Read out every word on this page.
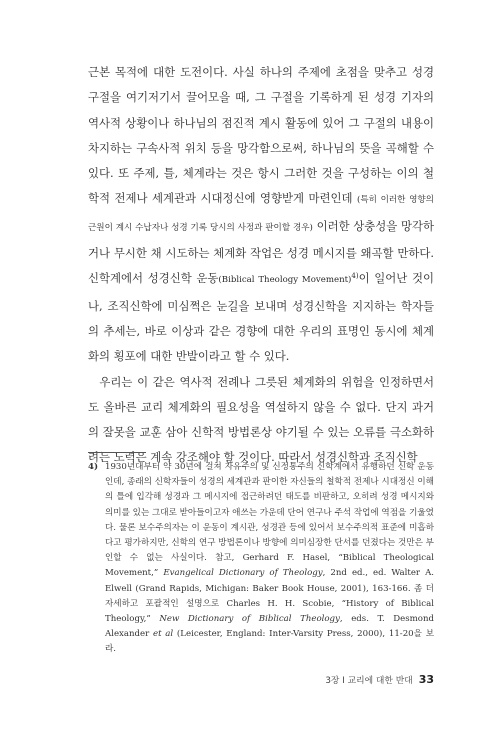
근본 목적에 대한 도전이다. 사실 하나의 주제에 초점을 맞추고 성경 구절을 여기저기서 끌어모을 때, 그 구절을 기록하게 된 성경 기자의 역사적 상황이나 하나님의 점진적 계시 활동에 있어 그 구절의 내용이 차지하는 구속사적 위치 등을 망각함으로써, 하나님의 뜻을 곡해할 수 있다. 또 주제, 틀, 체계라는 것은 항시 그러한 것을 구성하는 이의 철학적 전제나 세계관과 시대정신에 영향받게 마련인데 (특히 이러한 영향의 근원이 계시 수납자나 성경 기록 당시의 사정과 판이할 경우) 이러한 상충성을 망각하거나 무시한 채 시도하는 체계화 작업은 성경 메시지를 왜곡할 만하다. 신학계에서 성경신학 운동(Biblical Theology Movement)$^{4)}$이 일어난 것이나, 조직신학에 미심쩍은 눈길을 보내며 성경신학을 지지하는 학자들의 추세는, 바로 이상과 같은 경향에 대한 우리의 표명인 동시에 체계화의 횡포에 대한 반발이라고 할 수 있다.

우리는 이 같은 역사적 전례나 그릇된 체계화의 위험을 인정하면서도 올바른 교리 체계화의 필요성을 역설하지 않을 수 없다. 단지 과거의 잘못을 교훈 삼아 신학적 방법론상 야기될 수 있는 오류를 극소화하려는 노력은 계속 강조해야 할 것이다. 따라서 성경신학과 조직신학

4) 1930년대부터 약 30년에 걸쳐 자유주의 및 신정통주의 신학계에서 유행하던 신학 운동인데, 종래의 신학자들이 성경의 세계관과 판이한 자신들의 철학적 전제나 시대정신 이해의 틀에 입각해 성경과 그 메시지에 접근하려던 태도를 비판하고, 오히려 성경 메시지와 의미를 있는 그대로 받아들이고자 애쓰는 가운데 단어 연구나 주석 작업에 역점을 기울였다. 물론 보수주의자는 이 운동이 계시관, 성경관 등에 있어서 보수주의적 표준에 미흡하다고 평가하지만, 신학의 연구 방법론이나 방향에 의미심장한 단서를 던졌다는 것만은 부인할 수 없는 사실이다. 참고, Gerhard F. Hasel, “Biblical Theological Movement,” Evangelical Dictionary of Theology, 2nd ed., ed. Walter A. Elwell (Grand Rapids, Michigan: Baker Book House, 2001), 163-166. 좀 더 자세하고 포괄적인 설명으로 Charles H. H. Scobie, “History of Biblical Theology,” New Dictionary of Biblical Theology, eds. T. Desmond Alexander et al (Leicester, England: Inter-Varsity Press, 2000), 11-20을 보라.
3장 I 교리에 대한 반대 33
